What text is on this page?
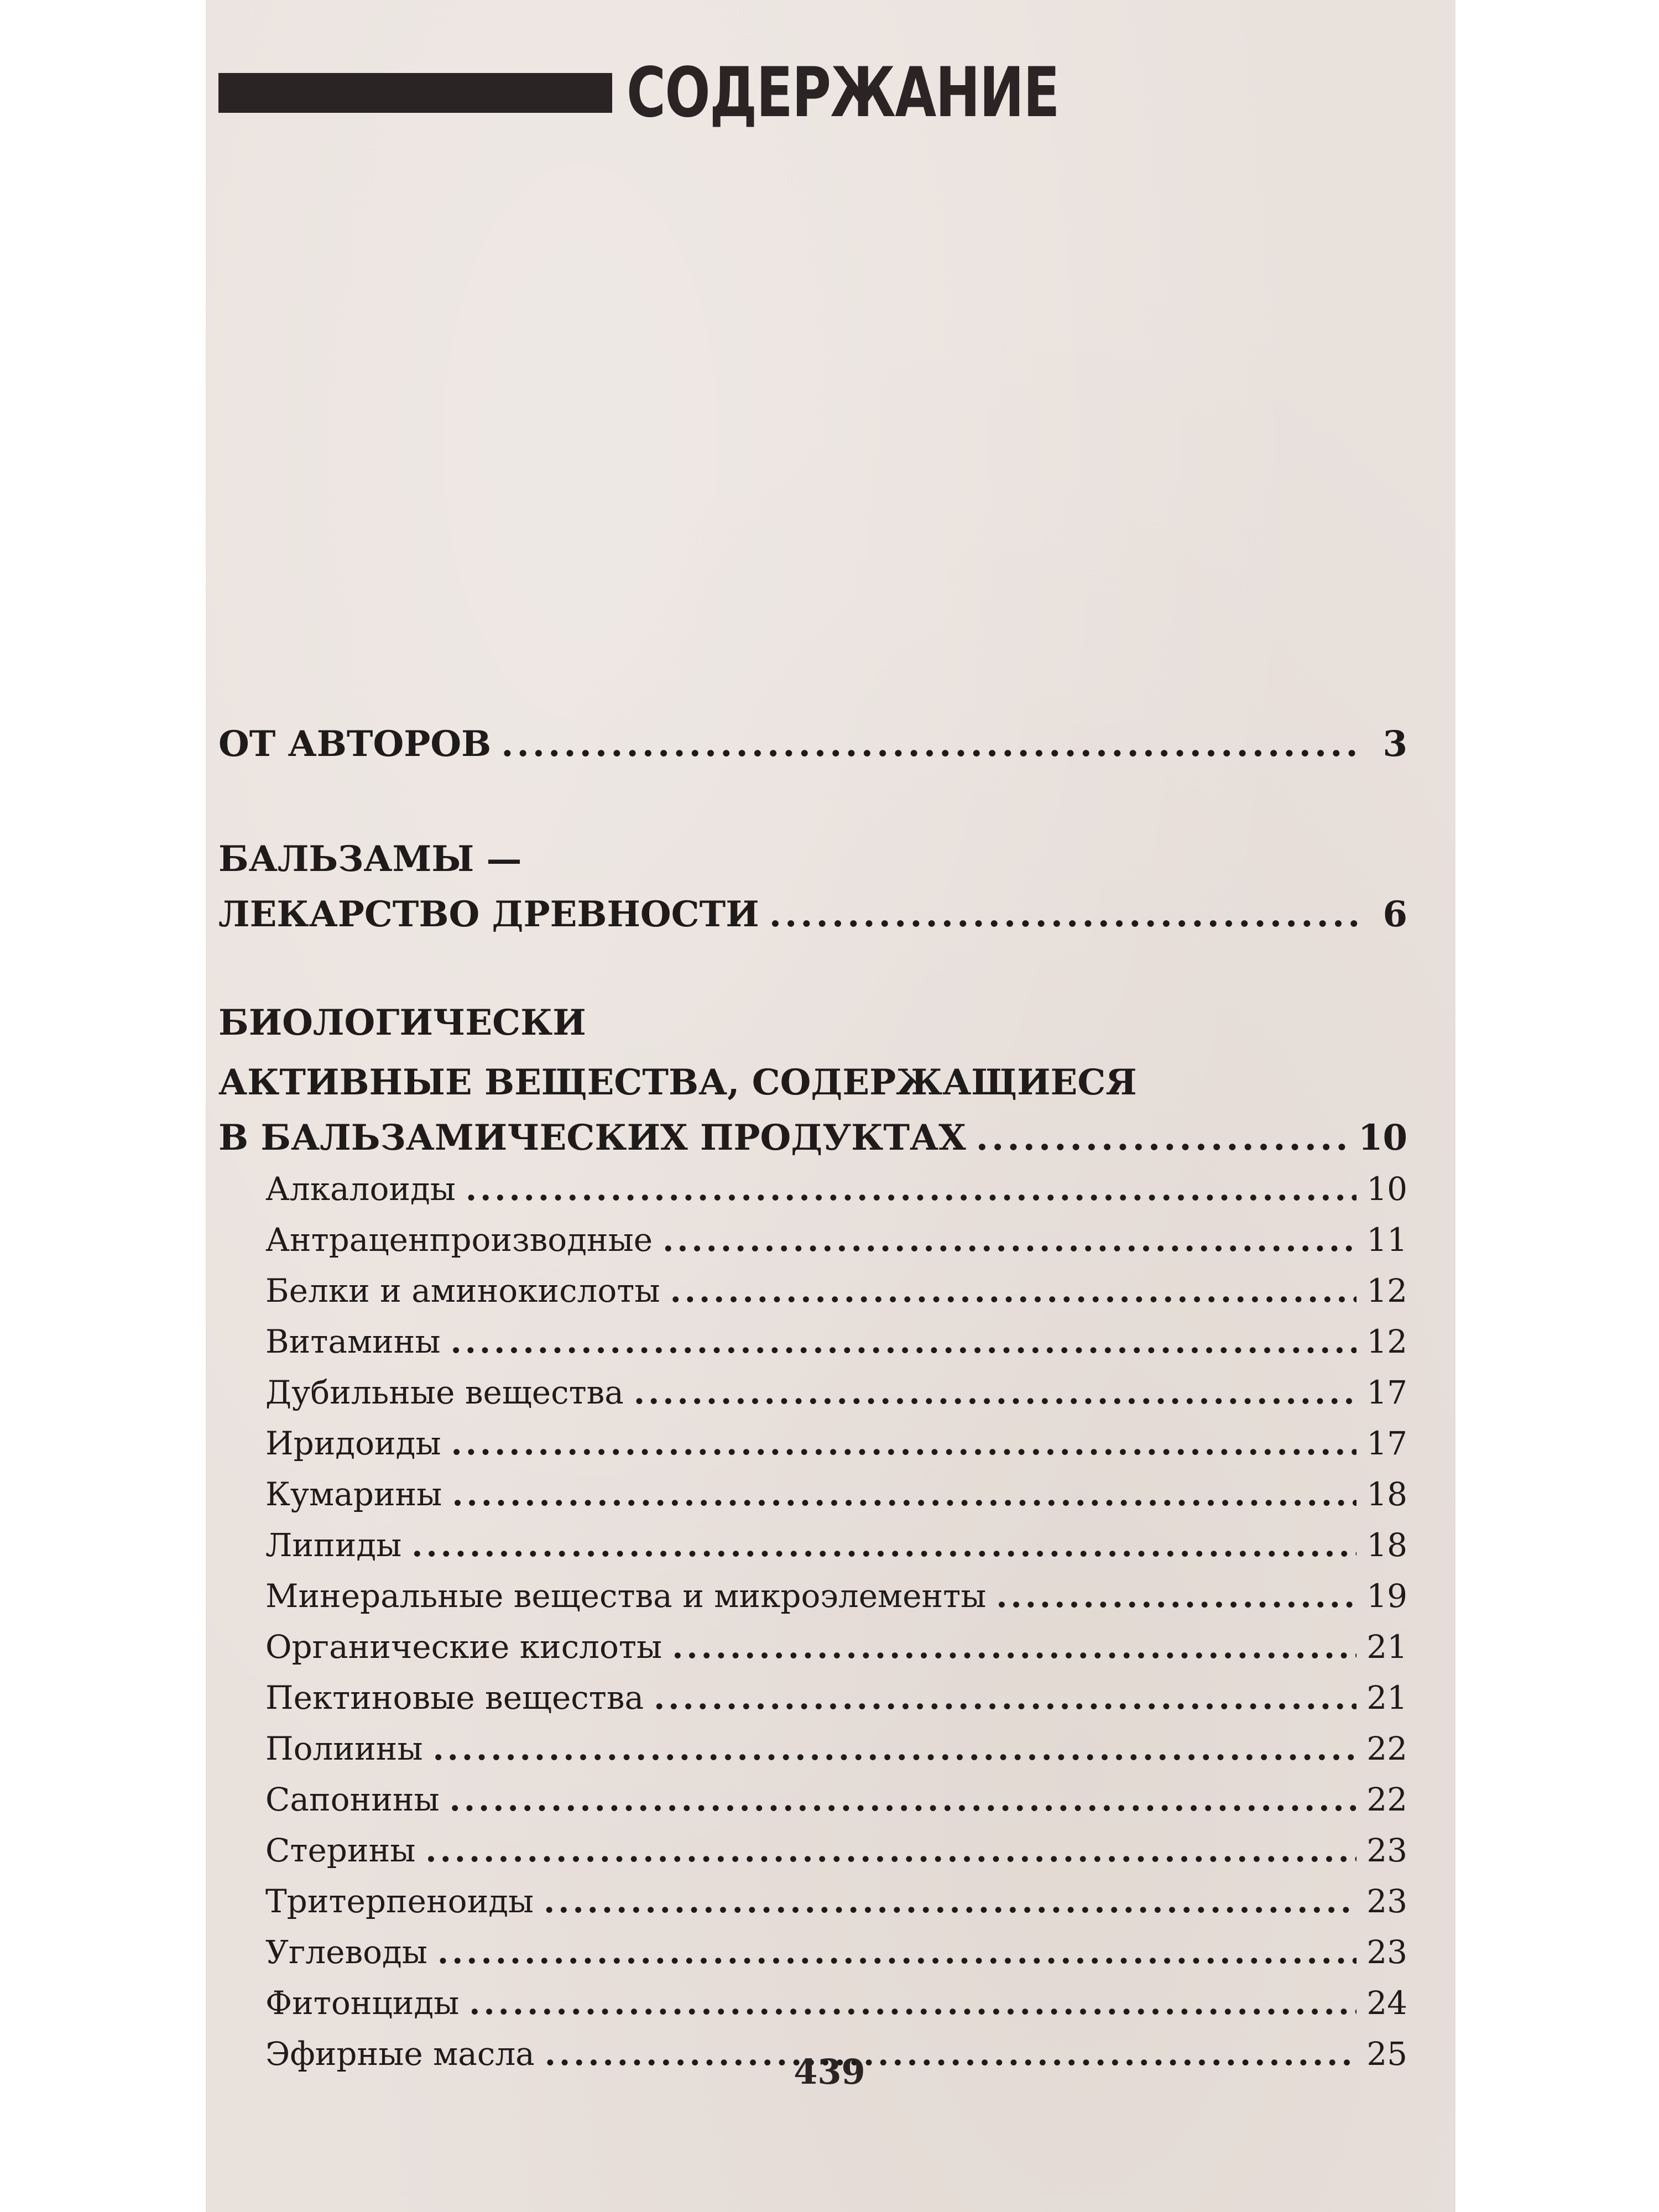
СОДЕРЖАНИЕ
ОТ АВТОРОВ .....	3
БАЛЬЗАМЫ —
ЛЕКАРСТВО ДРЕВНОСТИ .....	6
БИОЛОГИЧЕСКИ
АКТИВНЫЕ ВЕЩЕСТВА, СОДЕРЖАЩИЕСЯ
В БАЛЬЗАМИЧЕСКИХ ПРОДУКТАХ .....	10
Алкалоиды .....	10
Антраценпроизводные .....	11
Белки и аминокислоты .....	12
Витамины .....	12
Дубильные вещества .....	17
Иридоиды .....	17
Кумарины .....	18
Липиды .....	18
Минеральные вещества и микроэлементы .....	19
Органические кислоты .....	21
Пектиновые вещества .....	21
Полиины .....	22
Сапонины .....	22
Стерины .....	23
Тритерпеноиды .....	23
Углеводы .....	23
Фитонциды .....	24
Эфирные масла .....	25
439
